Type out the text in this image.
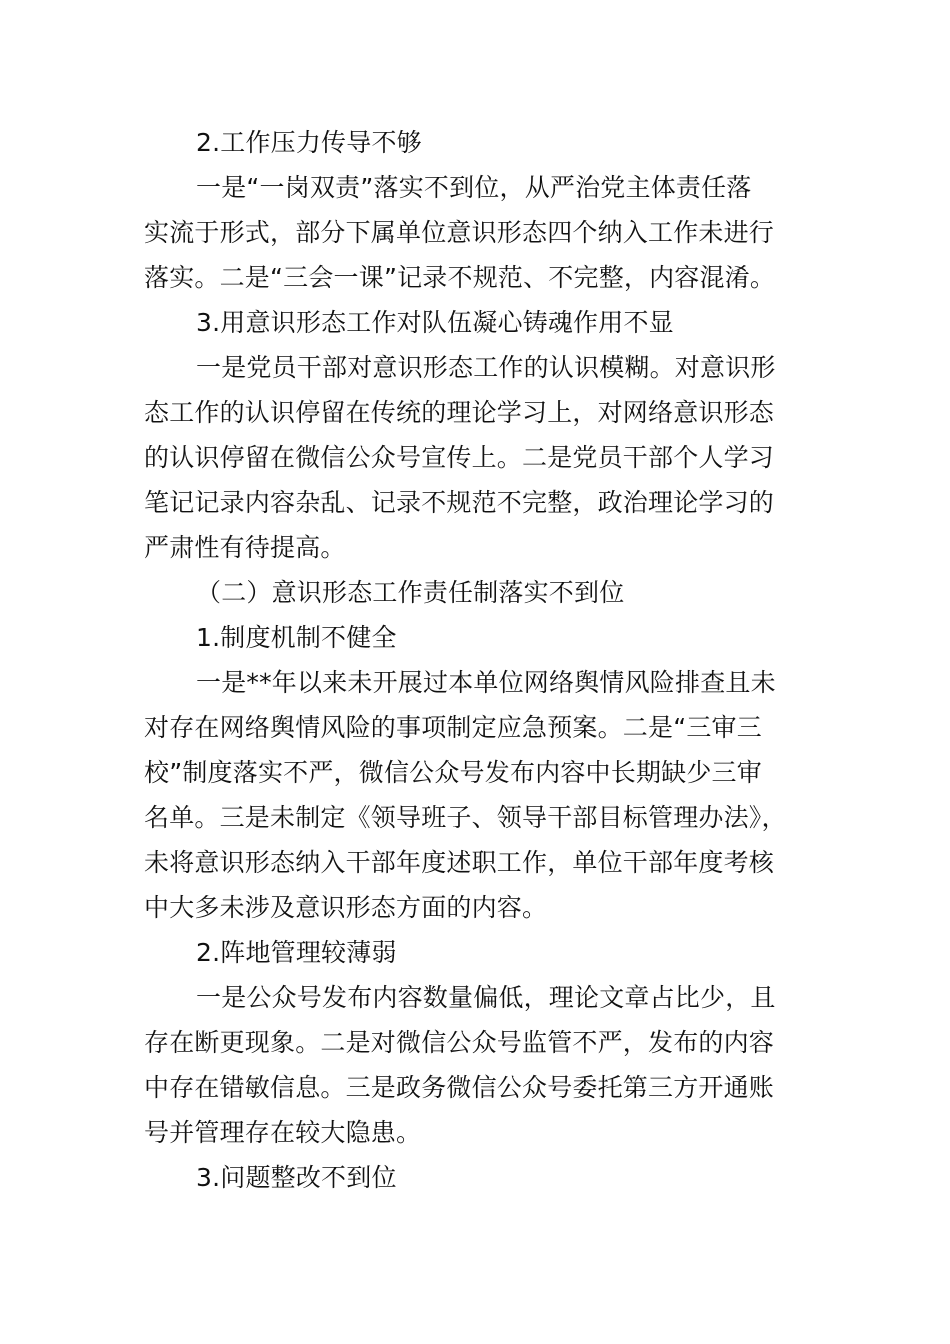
2.工作压力传导不够
一是“一岗双责”落实不到位，从严治党主体责任落
实流于形式，部分下属单位意识形态四个纳入工作未进行
落实。二是“三会一课”记录不规范、不完整，内容混淆。
3.用意识形态工作对队伍凝心铸魂作用不显
一是党员干部对意识形态工作的认识模糊。对意识形
态工作的认识停留在传统的理论学习上，对网络意识形态
的认识停留在微信公众号宣传上。二是党员干部个人学习
笔记记录内容杂乱、记录不规范不完整，政治理论学习的
严肃性有待提高。
（二）意识形态工作责任制落实不到位
1.制度机制不健全
一是**年以来未开展过本单位网络舆情风险排查且未
对存在网络舆情风险的事项制定应急预案。二是“三审三
校”制度落实不严，微信公众号发布内容中长期缺少三审
名单。三是未制定《领导班子、领导干部目标管理办法》，
未将意识形态纳入干部年度述职工作，单位干部年度考核
中大多未涉及意识形态方面的内容。
2.阵地管理较薄弱
一是公众号发布内容数量偏低，理论文章占比少，且
存在断更现象。二是对微信公众号监管不严，发布的内容
中存在错敏信息。三是政务微信公众号委托第三方开通账
号并管理存在较大隐患。
3.问题整改不到位
